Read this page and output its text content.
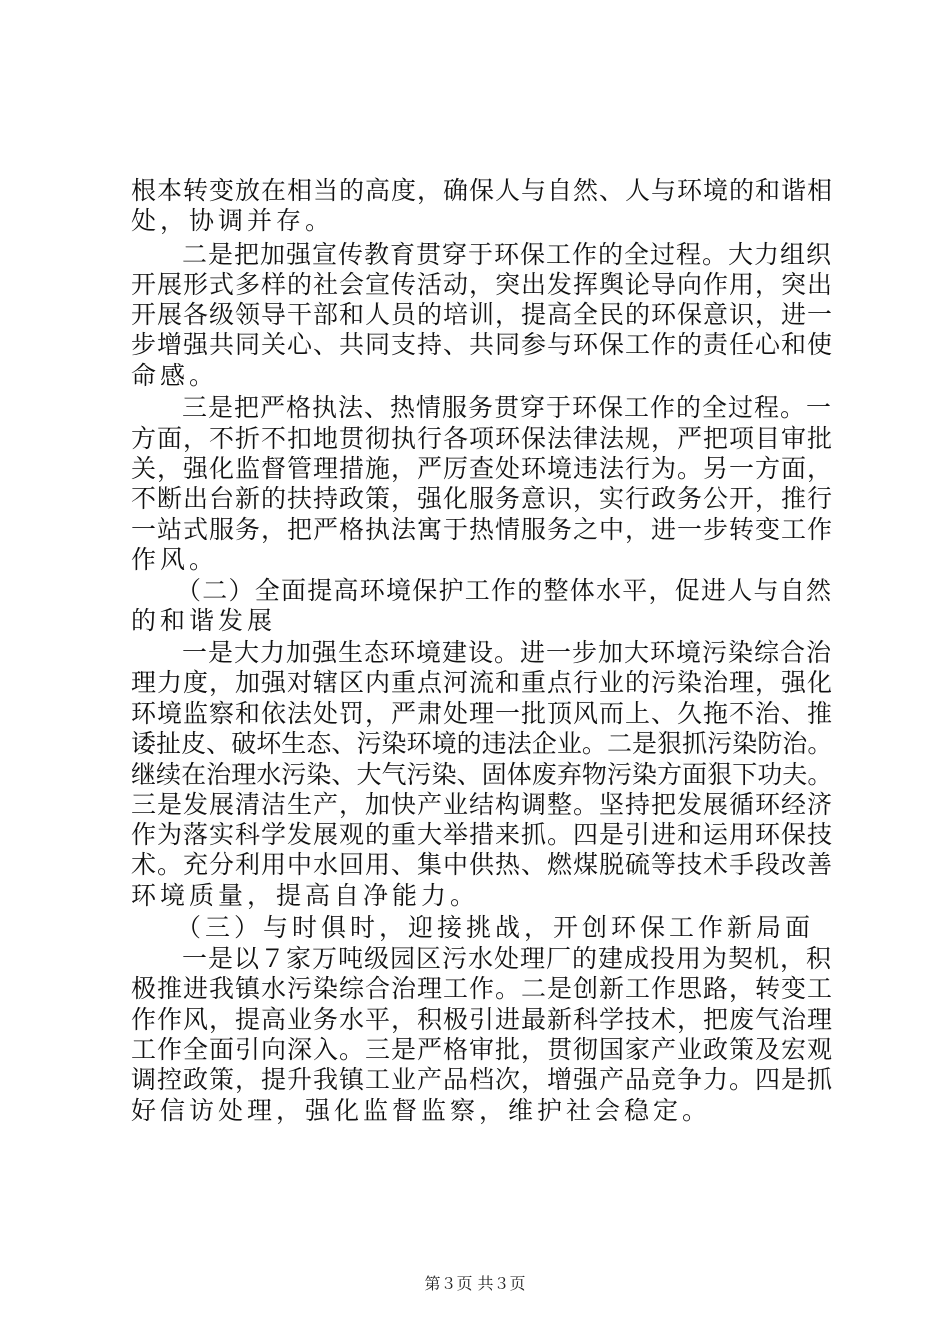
根本转变放在相当的高度，确保人与自然、人与环境的和谐相

处，协调并存。

二是把加强宣传教育贯穿于环保工作的全过程。大力组织

开展形式多样的社会宣传活动，突出发挥舆论导向作用，突出

开展各级领导干部和人员的培训，提高全民的环保意识，进一

步增强共同关心、共同支持、共同参与环保工作的责任心和使

命感。

三是把严格执法、热情服务贯穿于环保工作的全过程。一

方面，不折不扣地贯彻执行各项环保法律法规，严把项目审批

关，强化监督管理措施，严厉查处环境违法行为。另一方面，

不断出台新的扶持政策，强化服务意识，实行政务公开，推行

一站式服务，把严格执法寓于热情服务之中，进一步转变工作

作风。

（二）全面提高环境保护工作的整体水平，促进人与自然

的和谐发展

一是大力加强生态环境建设。进一步加大环境污染综合治

理力度，加强对辖区内重点河流和重点行业的污染治理，强化

环境监察和依法处罚，严肃处理一批顶风而上、久拖不治、推

诿扯皮、破坏生态、污染环境的违法企业。二是狠抓污染防治。

继续在治理水污染、大气污染、固体废弃物污染方面狠下功夫。

三是发展清洁生产，加快产业结构调整。坚持把发展循环经济

作为落实科学发展观的重大举措来抓。四是引进和运用环保技

术。充分利用中水回用、集中供热、燃煤脱硫等技术手段改善

环境质量，提高自净能力。

（三）与时俱时，迎接挑战，开创环保工作新局面

一是以７家万吨级园区污水处理厂的建成投用为契机，积

极推进我镇水污染综合治理工作。二是创新工作思路，转变工

作作风，提高业务水平，积极引进最新科学技术，把废气治理

工作全面引向深入。三是严格审批，贯彻国家产业政策及宏观

调控政策，提升我镇工业产品档次，增强产品竞争力。四是抓

好信访处理，强化监督监察，维护社会稳定。

第３页 共３页
